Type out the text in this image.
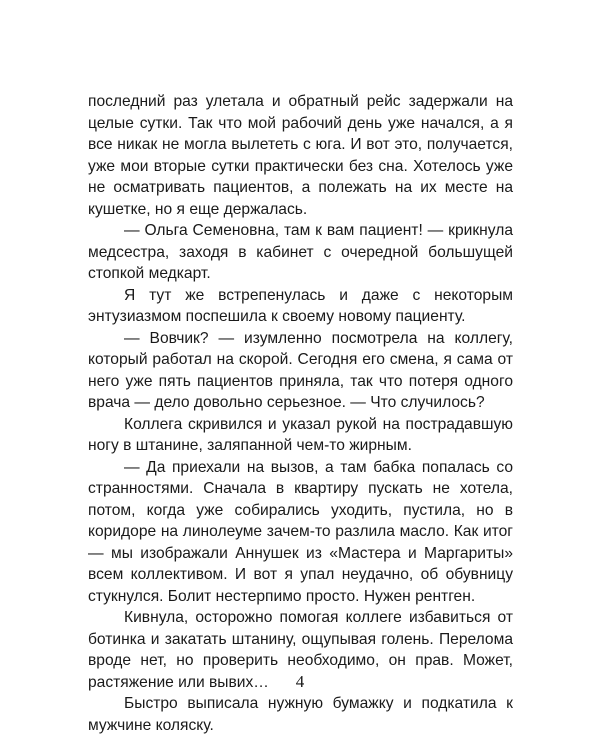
последний раз улетала и обратный рейс задержали на целые сутки. Так что мой рабочий день уже начался, а я все никак не могла вылететь с юга. И вот это, получается, уже мои вторые сутки практически без сна. Хотелось уже не осматривать пациентов, а полежать на их месте на кушетке, но я еще держалась.

— Ольга Семеновна, там к вам пациент! — крикнула медсестра, заходя в кабинет с очередной большущей стопкой медкарт.

Я тут же встрепенулась и даже с некоторым энтузиазмом поспешила к своему новому пациенту.

— Вовчик? — изумленно посмотрела на коллегу, который работал на скорой. Сегодня его смена, я сама от него уже пять пациентов приняла, так что потеря одного врача — дело довольно серьезное. — Что случилось?

Коллега скривился и указал рукой на пострадавшую ногу в штанине, заляпанной чем-то жирным.

— Да приехали на вызов, а там бабка попалась со странностями. Сначала в квартиру пускать не хотела, потом, когда уже собирались уходить, пустила, но в коридоре на линолеуме зачем-то разлила масло. Как итог — мы изображали Аннушек из «Мастера и Маргариты» всем коллективом. И вот я упал неудачно, об обувницу стукнулся. Болит нестерпимо просто. Нужен рентген.

Кивнула, осторожно помогая коллеге избавиться от ботинка и закатать штанину, ощупывая голень. Перелома вроде нет, но проверить необходимо, он прав. Может, растяжение или вывих…

Быстро выписала нужную бумажку и подкатила к мужчине коляску.

4
